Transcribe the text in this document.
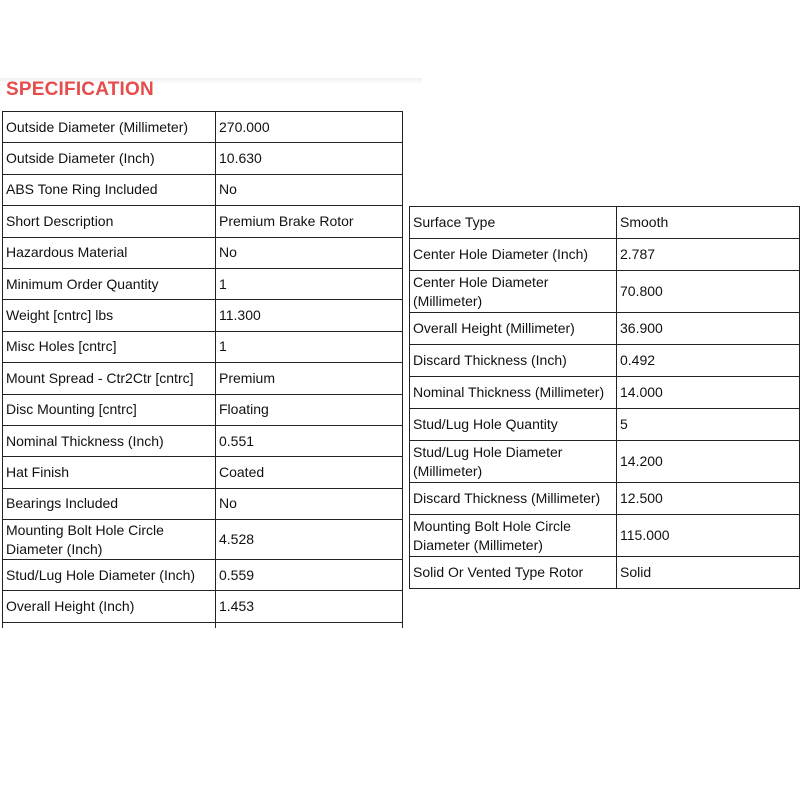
SPECIFICATION
Outside Diameter (Millimeter)	270.000
Outside Diameter (Inch)	10.630
ABS Tone Ring Included	No
Short Description	Premium Brake Rotor
Hazardous Material	No
Minimum Order Quantity	1
Weight [cntrc] lbs	11.300
Misc Holes [cntrc]	1
Mount Spread - Ctr2Ctr [cntrc]	Premium
Disc Mounting [cntrc]	Floating
Nominal Thickness (Inch)	0.551
Hat Finish	Coated
Bearings Included	No
Mounting Bolt Hole Circle Diameter (Inch)	4.528
Stud/Lug Hole Diameter (Inch)	0.559
Overall Height (Inch)	1.453

Surface Type	Smooth
Center Hole Diameter (Inch)	2.787
Center Hole Diameter (Millimeter)	70.800
Overall Height (Millimeter)	36.900
Discard Thickness (Inch)	0.492
Nominal Thickness (Millimeter)	14.000
Stud/Lug Hole Quantity	5
Stud/Lug Hole Diameter (Millimeter)	14.200
Discard Thickness (Millimeter)	12.500
Mounting Bolt Hole Circle Diameter (Millimeter)	115.000
Solid Or Vented Type Rotor	Solid
